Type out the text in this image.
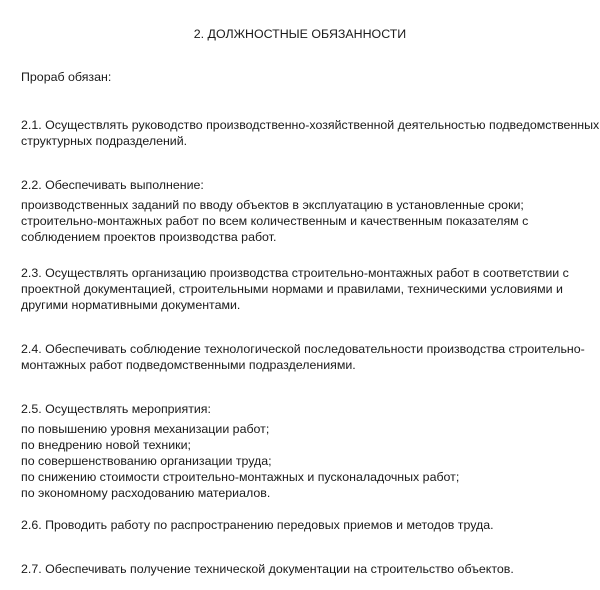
2. ДОЛЖНОСТНЫЕ ОБЯЗАННОСТИ

Прораб обязан:

2.1. Осуществлять руководство производственно-хозяйственной деятельностью подведомственных

структурных подразделений.

2.2. Обеспечивать выполнение:

производственных заданий по вводу объектов в эксплуатацию в установленные сроки;

строительно-монтажных работ по всем количественным и качественным показателям с

соблюдением проектов производства работ.

2.3. Осуществлять организацию производства строительно-монтажных работ в соответствии с

проектной документацией, строительными нормами и правилами, техническими условиями и

другими нормативными документами.

2.4. Обеспечивать соблюдение технологической последовательности производства строительно-

монтажных работ подведомственными подразделениями.

2.5. Осуществлять мероприятия:

по повышению уровня механизации работ;

по внедрению новой техники;

по совершенствованию организации труда;

по снижению стоимости строительно-монтажных и пусконаладочных работ;

по экономному расходованию материалов.

2.6. Проводить работу по распространению передовых приемов и методов труда.

2.7. Обеспечивать получение технической документации на строительство объектов.
